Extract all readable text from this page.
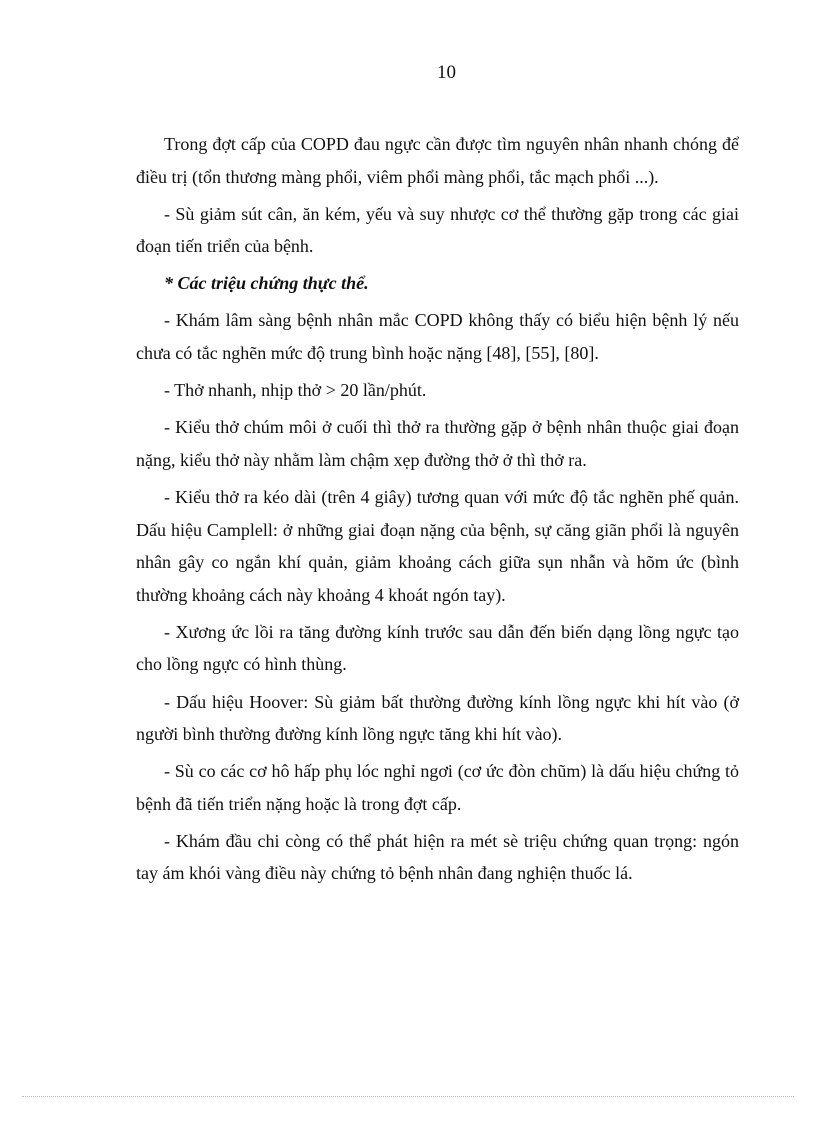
10

Trong đợt cấp của COPD đau ngực cần được tìm nguyên nhân nhanh chóng để điều trị (tổn thương màng phổi, viêm phổi màng phổi, tắc mạch phổi ...).

- Sù giảm sút cân, ăn kém, yếu và suy nhược cơ thể thường gặp trong các giai đoạn tiến triển của bệnh.

* Các triệu chứng thực thể.

- Khám lâm sàng bệnh nhân mắc COPD không thấy có biểu hiện bệnh lý nếu chưa có tắc nghẽn mức độ trung bình hoặc nặng [48], [55], [80].

- Thở nhanh, nhịp thở > 20 lần/phút.

- Kiểu thở chúm môi ở cuối thì thở ra thường gặp ở bệnh nhân thuộc giai đoạn nặng, kiểu thở này nhằm làm chậm xẹp đường thở ở thì thở ra.

- Kiểu thở ra kéo dài (trên 4 giây) tương quan với mức độ tắc nghẽn phế quản. Dấu hiệu Camplell: ở những giai đoạn nặng của bệnh, sự căng giãn phổi là nguyên nhân gây co ngắn khí quản, giảm khoảng cách giữa sụn nhẫn và hõm ức (bình thường khoảng cách này khoảng 4 khoát ngón tay).

- Xương ức lồi ra tăng đường kính trước sau dẫn đến biến dạng lồng ngực tạo cho lồng ngực có hình thùng.

- Dấu hiệu Hoover: Sù giảm bất thường đường kính lồng ngực khi hít vào (ở người bình thường đường kính lồng ngực tăng khi hít vào).

- Sù co các cơ hô hấp phụ lóc nghỉ ngơi (cơ ức đòn chũm) là dấu hiệu chứng tỏ bệnh đã tiến triển nặng hoặc là trong đợt cấp.

- Khám đầu chi còng có thể phát hiện ra mét sè triệu chứng quan trọng: ngón tay ám khói vàng điều này chứng tỏ bệnh nhân đang nghiện thuốc lá.
